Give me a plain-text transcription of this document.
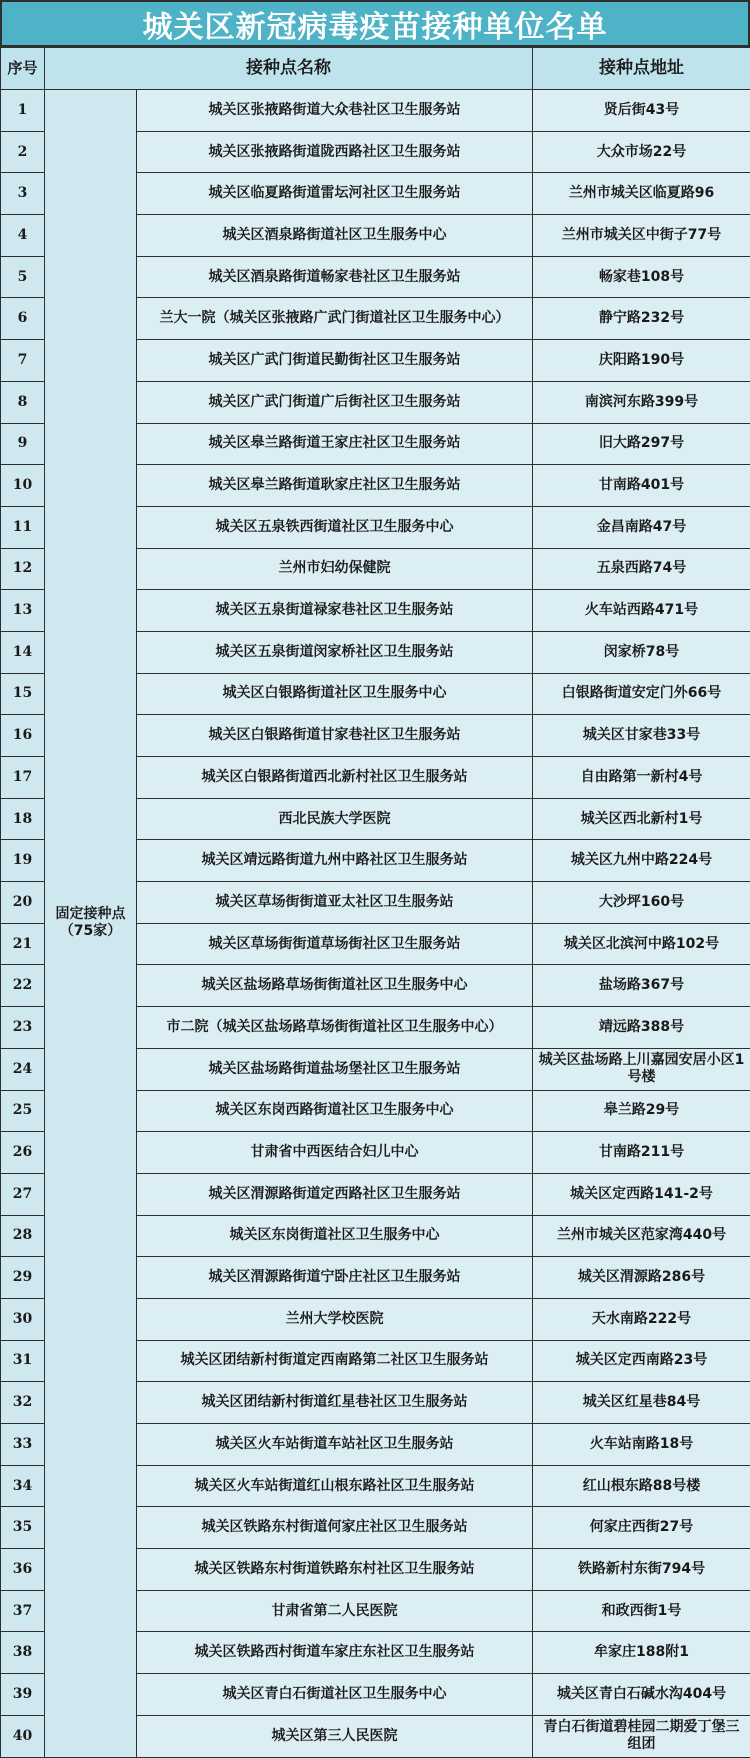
城关区新冠病毒疫苗接种单位名单
序号	接种点名称		接种点地址
1	固定接种点（75家）	城关区张掖路街道大众巷社区卫生服务站	贤后街43号
2		城关区张掖路街道陇西路社区卫生服务站	大众市场22号
3		城关区临夏路街道雷坛河社区卫生服务站	兰州市城关区临夏路96
4		城关区酒泉路街道社区卫生服务中心	兰州市城关区中街子77号
5		城关区酒泉路街道畅家巷社区卫生服务站	畅家巷108号
6		兰大一院（城关区张掖路广武门街道社区卫生服务中心）	静宁路232号
7		城关区广武门街道民勤街社区卫生服务站	庆阳路190号
8		城关区广武门街道广后街社区卫生服务站	南滨河东路399号
9		城关区皋兰路街道王家庄社区卫生服务站	旧大路297号
10		城关区皋兰路街道耿家庄社区卫生服务站	甘南路401号
11		城关区五泉铁西街道社区卫生服务中心	金昌南路47号
12		兰州市妇幼保健院	五泉西路74号
13		城关区五泉街道禄家巷社区卫生服务站	火车站西路471号
14		城关区五泉街道闵家桥社区卫生服务站	闵家桥78号
15		城关区白银路街道社区卫生服务中心	白银路街道安定门外66号
16		城关区白银路街道甘家巷社区卫生服务站	城关区甘家巷33号
17		城关区白银路街道西北新村社区卫生服务站	自由路第一新村4号
18		西北民族大学医院	城关区西北新村1号
19		城关区靖远路街道九州中路社区卫生服务站	城关区九州中路224号
20		城关区草场街街道亚太社区卫生服务站	大沙坪160号
21		城关区草场街街道草场街社区卫生服务站	城关区北滨河中路102号
22		城关区盐场路草场街街道社区卫生服务中心	盐场路367号
23		市二院（城关区盐场路草场街街道社区卫生服务中心）	靖远路388号
24		城关区盐场路街道盐场堡社区卫生服务站	城关区盐场路上川嘉园安居小区1号楼
25		城关区东岗西路街道社区卫生服务中心	皋兰路29号
26		甘肃省中西医结合妇儿中心	甘南路211号
27		城关区渭源路街道定西路社区卫生服务站	城关区定西路141-2号
28		城关区东岗街道社区卫生服务中心	兰州市城关区范家湾440号
29		城关区渭源路街道宁卧庄社区卫生服务站	城关区渭源路286号
30		兰州大学校医院	天水南路222号
31		城关区团结新村街道定西南路第二社区卫生服务站	城关区定西南路23号
32		城关区团结新村街道红星巷社区卫生服务站	城关区红星巷84号
33		城关区火车站街道车站社区卫生服务站	火车站南路18号
34		城关区火车站街道红山根东路社区卫生服务站	红山根东路88号楼
35		城关区铁路东村街道何家庄社区卫生服务站	何家庄西街27号
36		城关区铁路东村街道铁路东村社区卫生服务站	铁路新村东街794号
37		甘肃省第二人民医院	和政西街1号
38		城关区铁路西村街道车家庄东社区卫生服务站	牟家庄188附1
39		城关区青白石街道社区卫生服务中心	城关区青白石碱水沟404号
40		城关区第三人民医院	青白石街道碧桂园二期爱丁堡三组团
